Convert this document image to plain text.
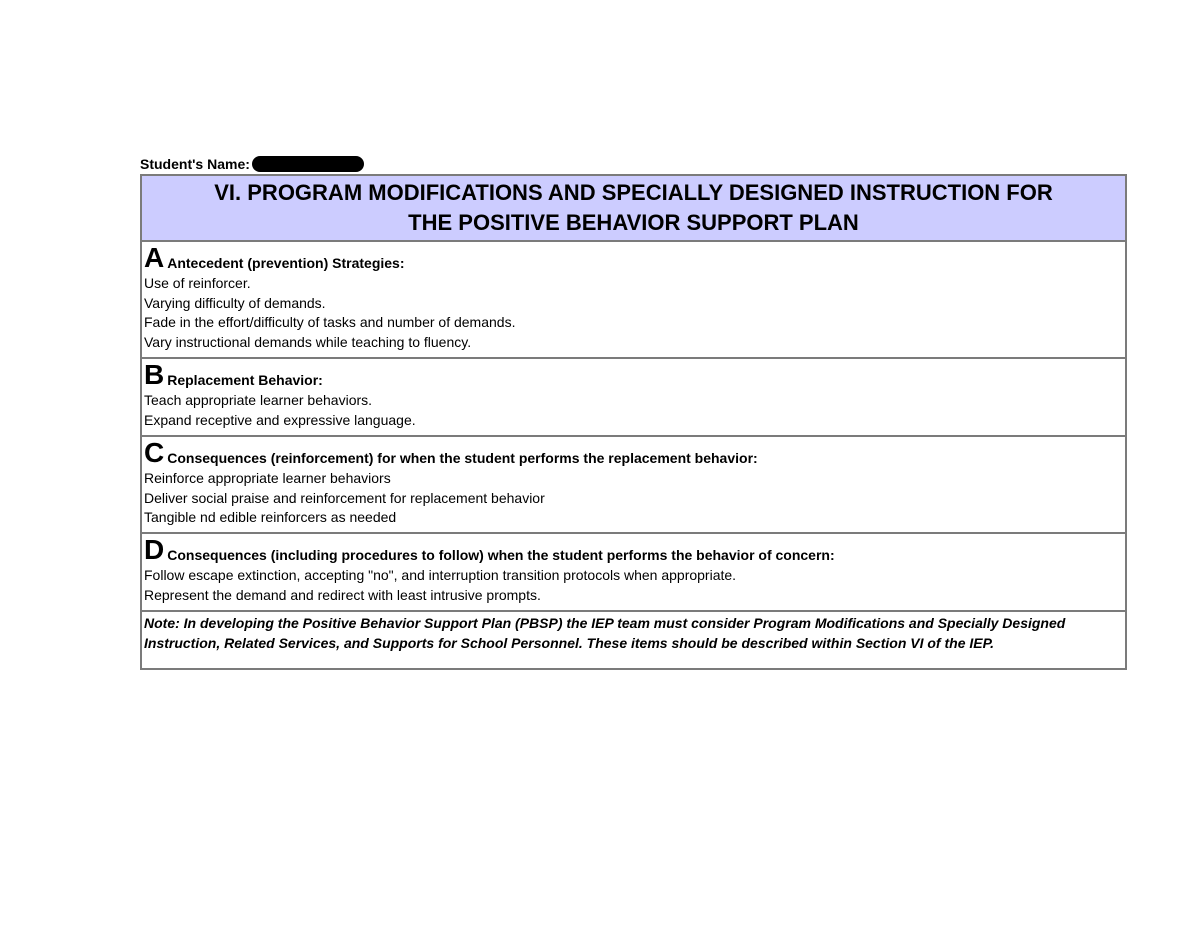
Student's Name:
VI. PROGRAM MODIFICATIONS AND SPECIALLY DESIGNED INSTRUCTION FOR
THE POSITIVE BEHAVIOR SUPPORT PLAN

A Antecedent (prevention) Strategies:

Use of reinforcer.

Varying difficulty of demands.

Fade in the effort/difficulty of tasks and number of demands.

Vary instructional demands while teaching to fluency.

B Replacement Behavior:

Teach appropriate learner behaviors.

Expand receptive and expressive language.

C Consequences (reinforcement) for when the student performs the replacement behavior:

Reinforce appropriate learner behaviors

Deliver social praise and reinforcement for replacement behavior

Tangible nd edible reinforcers as needed

D Consequences (including procedures to follow) when the student performs the behavior of concern:

Follow escape extinction, accepting "no", and interruption transition protocols when appropriate.

Represent the demand and redirect with least intrusive prompts.

Note: In developing the Positive Behavior Support Plan (PBSP) the IEP team must consider Program Modifications and Specially Designed Instruction, Related Services, and Supports for School Personnel. These items should be described within Section VI of the IEP.
